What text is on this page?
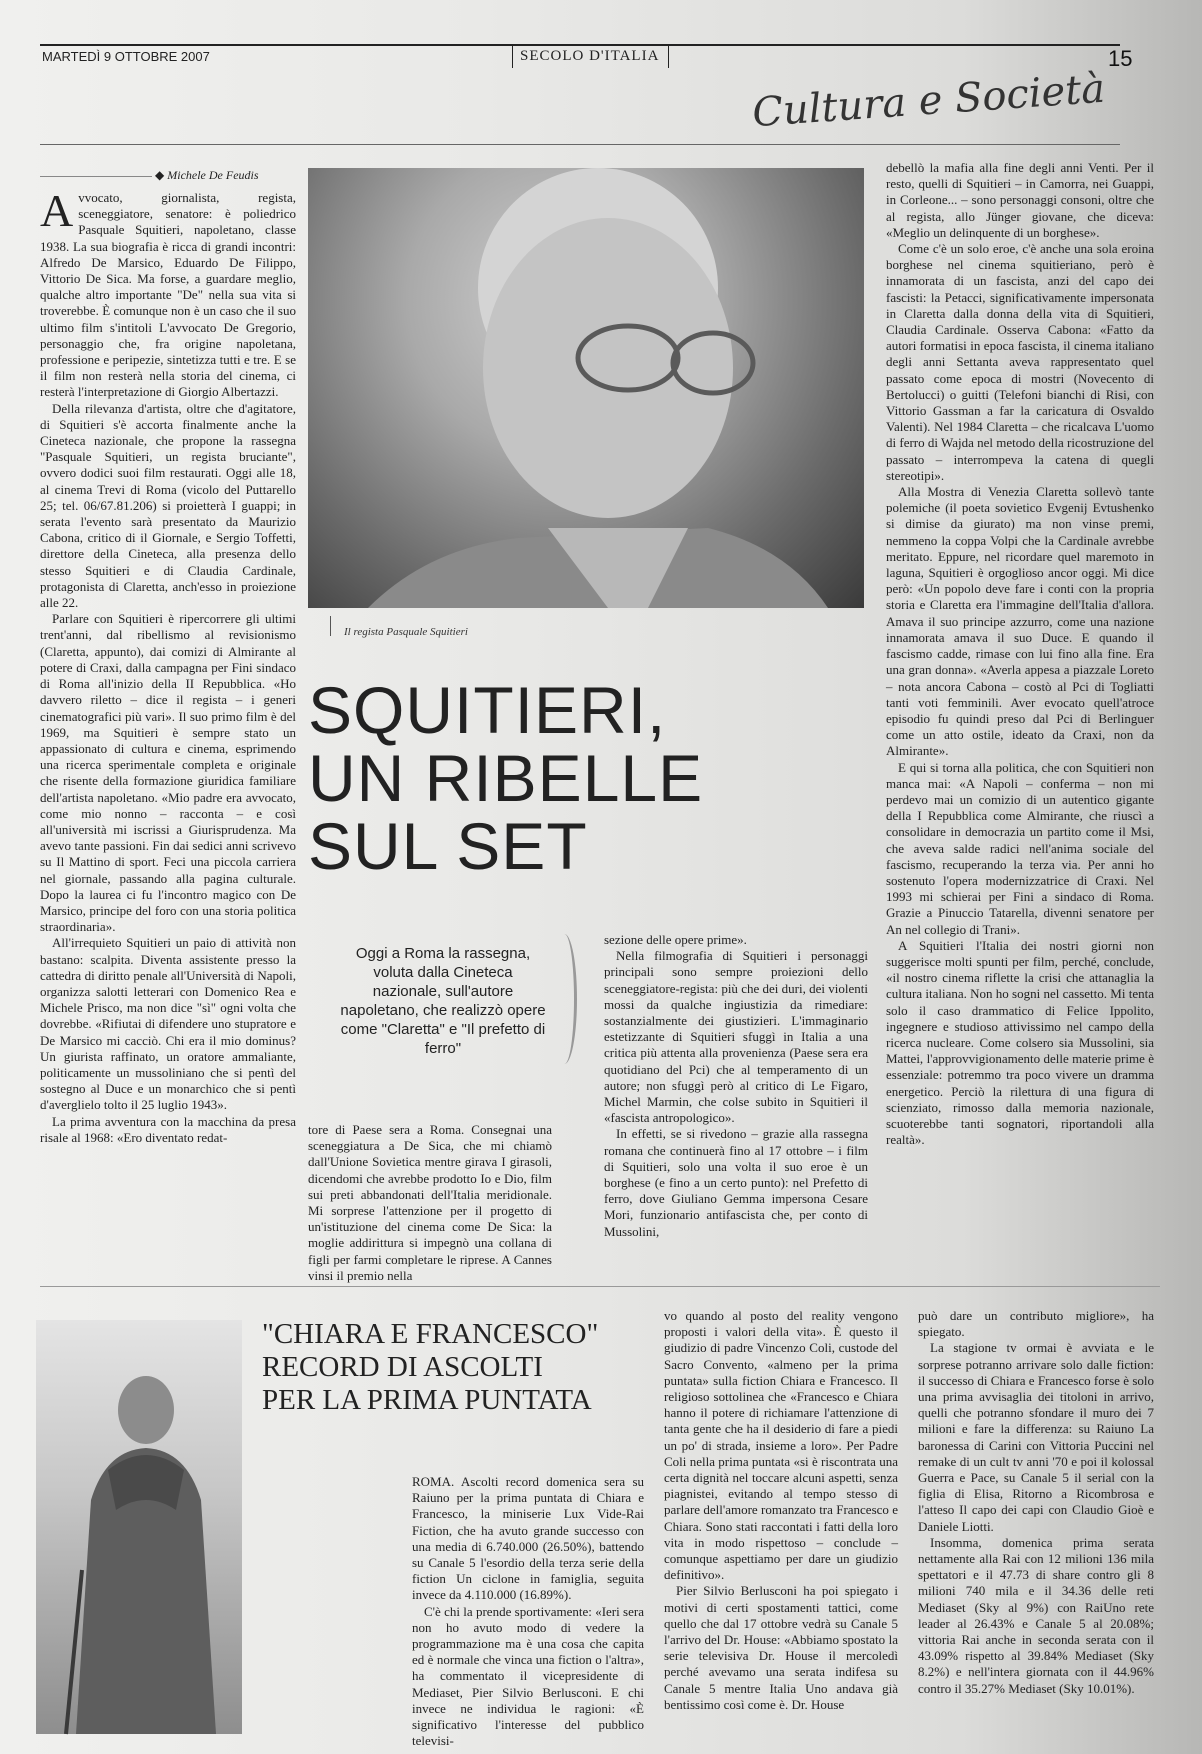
MARTEDÌ 9 OTTOBRE 2007	SECOLO D'ITALIA	15
Cultura e Società
◆ Michele De Feudis

Avvocato, giornalista, regista, sceneggiatore, senatore: è poliedrico Pasquale Squitieri, napoletano, classe 1938. La sua biografia è ricca di grandi incontri: Alfredo De Marsico, Eduardo De Filippo, Vittorio De Sica. Ma forse, a guardare meglio, qualche altro importante "De" nella sua vita si troverebbe. È comunque non è un caso che il suo ultimo film s'intitoli L'avvocato De Gregorio, personaggio che, fra origine napoletana, professione e peripezie, sintetizza tutti e tre. E se il film non resterà nella storia del cinema, ci resterà l'interpretazione di Giorgio Albertazzi.

Della rilevanza d'artista, oltre che d'agitatore, di Squitieri s'è accorta finalmente anche la Cineteca nazionale, che propone la rassegna "Pasquale Squitieri, un regista bruciante", ovvero dodici suoi film restaurati. Oggi alle 18, al cinema Trevi di Roma (vicolo del Puttarello 25; tel. 06/67.81.206) si proietterà I guappi; in serata l'evento sarà presentato da Maurizio Cabona, critico di il Giornale, e Sergio Toffetti, direttore della Cineteca, alla presenza dello stesso Squitieri e di Claudia Cardinale, protagonista di Claretta, anch'esso in proiezione alle 22.

Parlare con Squitieri è ripercorrere gli ultimi trent'anni, dal ribellismo al revisionismo (Claretta, appunto), dai comizi di Almirante al potere di Craxi, dalla campagna per Fini sindaco di Roma all'inizio della II Repubblica. «Ho davvero riletto – dice il regista – i generi cinematografici più vari». Il suo primo film è del 1969, ma Squitieri è sempre stato un appassionato di cultura e cinema, esprimendo una ricerca sperimentale completa e originale che risente della formazione giuridica familiare dell'artista napoletano. «Mio padre era avvocato, come mio nonno – racconta – e così all'università mi iscrissi a Giurisprudenza. Ma avevo tante passioni. Fin dai sedici anni scrivevo su Il Mattino di sport. Feci una piccola carriera nel giornale, passando alla pagina culturale. Dopo la laurea ci fu l'incontro magico con De Marsico, principe del foro con una storia politica straordinaria».

All'irrequieto Squitieri un paio di attività non bastano: scalpita. Diventa assistente presso la cattedra di diritto penale all'Università di Napoli, organizza salotti letterari con Domenico Rea e Michele Prisco, ma non dice "sì" ogni volta che dovrebbe. «Rifiutai di difendere uno stupratore e De Marsico mi cacciò. Chi era il mio dominus? Un giurista raffinato, un oratore ammaliante, politicamente un mussoliniano che si pentì del sostegno al Duce e un monarchico che si pentì d'averglielo tolto il 25 luglio 1943».

La prima avventura con la macchina da presa risale al 1968: «Ero diventato redat-

Il regista Pasquale Squitieri
SQUITIERI,
UN RIBELLE
SUL SET
Oggi a Roma la rassegna, voluta dalla Cineteca nazionale, sull'autore napoletano, che realizzò opere come "Claretta" e "Il prefetto di ferro"

tore di Paese sera a Roma. Consegnai una sceneggiatura a De Sica, che mi chiamò dall'Unione Sovietica mentre girava I girasoli, dicendomi che avrebbe prodotto Io e Dio, film sui preti abbandonati dell'Italia meridionale. Mi sorprese l'attenzione per il progetto di un'istituzione del cinema come De Sica: la moglie addirittura si impegnò una collana di figli per farmi completare le riprese. A Cannes vinsi il premio nella

sezione delle opere prime».

Nella filmografia di Squitieri i personaggi principali sono sempre proiezioni dello sceneggiatore-regista: più che dei duri, dei violenti mossi da qualche ingiustizia da rimediare: sostanzialmente dei giustizieri. L'immaginario estetizzante di Squitieri sfuggì in Italia a una critica più attenta alla provenienza (Paese sera era quotidiano del Pci) che al temperamento di un autore; non sfuggì però al critico di Le Figaro, Michel Marmin, che colse subito in Squitieri il «fascista antropologico».

In effetti, se si rivedono – grazie alla rassegna romana che continuerà fino al 17 ottobre – i film di Squitieri, solo una volta il suo eroe è un borghese (e fino a un certo punto): nel Prefetto di ferro, dove Giuliano Gemma impersona Cesare Mori, funzionario antifascista che, per conto di Mussolini,

debellò la mafia alla fine degli anni Venti. Per il resto, quelli di Squitieri – in Camorra, nei Guappi, in Corleone... – sono personaggi consoni, oltre che al regista, allo Jünger giovane, che diceva: «Meglio un delinquente di un borghese».

Come c'è un solo eroe, c'è anche una sola eroina borghese nel cinema squitieriano, però è innamorata di un fascista, anzi del capo dei fascisti: la Petacci, significativamente impersonata in Claretta dalla donna della vita di Squitieri, Claudia Cardinale. Osserva Cabona: «Fatto da autori formatisi in epoca fascista, il cinema italiano degli anni Settanta aveva rappresentato quel passato come epoca di mostri (Novecento di Bertolucci) o guitti (Telefoni bianchi di Risi, con Vittorio Gassman a far la caricatura di Osvaldo Valenti). Nel 1984 Claretta – che ricalcava L'uomo di ferro di Wajda nel metodo della ricostruzione del passato – interrompeva la catena di quegli stereotipi».

Alla Mostra di Venezia Claretta sollevò tante polemiche (il poeta sovietico Evgenij Evtushenko si dimise da giurato) ma non vinse premi, nemmeno la coppa Volpi che la Cardinale avrebbe meritato. Eppure, nel ricordare quel maremoto in laguna, Squitieri è orgoglioso ancor oggi. Mi dice però: «Un popolo deve fare i conti con la propria storia e Claretta era l'immagine dell'Italia d'allora. Amava il suo principe azzurro, come una nazione innamorata amava il suo Duce. E quando il fascismo cadde, rimase con lui fino alla fine. Era una gran donna». «Averla appesa a piazzale Loreto – nota ancora Cabona – costò al Pci di Togliatti tanti voti femminili. Aver evocato quell'atroce episodio fu quindi preso dal Pci di Berlinguer come un atto ostile, ideato da Craxi, non da Almirante».

E qui si torna alla politica, che con Squitieri non manca mai: «A Napoli – conferma – non mi perdevo mai un comizio di un autentico gigante della I Repubblica come Almirante, che riuscì a consolidare in democrazia un partito come il Msi, che aveva salde radici nell'anima sociale del fascismo, recuperando la terza via. Per anni ho sostenuto l'opera modernizzatrice di Craxi. Nel 1993 mi schierai per Fini a sindaco di Roma. Grazie a Pinuccio Tatarella, divenni senatore per An nel collegio di Trani».

A Squitieri l'Italia dei nostri giorni non suggerisce molti spunti per film, perché, conclude, «il nostro cinema riflette la crisi che attanaglia la cultura italiana. Non ho sogni nel cassetto. Mi tenta solo il caso drammatico di Felice Ippolito, ingegnere e studioso attivissimo nel campo della ricerca nucleare. Come colsero sia Mussolini, sia Mattei, l'approvvigionamento delle materie prime è essenziale: potremmo tra poco vivere un dramma energetico. Perciò la rilettura di una figura di scienziato, rimosso dalla memoria nazionale, scuoterebbe tanti sognatori, riportandoli alla realtà».

"CHIARA E FRANCESCO"
RECORD DI ASCOLTI
PER LA PRIMA PUNTATA

ROMA. Ascolti record domenica sera su Raiuno per la prima puntata di Chiara e Francesco, la miniserie Lux Vide-Rai Fiction, che ha avuto grande successo con una media di 6.740.000 (26.50%), battendo su Canale 5 l'esordio della terza serie della fiction Un ciclone in famiglia, seguita invece da 4.110.000 (16.89%).

C'è chi la prende sportivamente: «Ieri sera non ho avuto modo di vedere la programmazione ma è una cosa che capita ed è normale che vinca una fiction o l'altra», ha commentato il vicepresidente di Mediaset, Pier Silvio Berlusconi. E chi invece ne individua le ragioni: «È significativo l'interesse del pubblico televisi-

vo quando al posto del reality vengono proposti i valori della vita». È questo il giudizio di padre Vincenzo Coli, custode del Sacro Convento, «almeno per la prima puntata» sulla fiction Chiara e Francesco. Il religioso sottolinea che «Francesco e Chiara hanno il potere di richiamare l'attenzione di tanta gente che ha il desiderio di fare a piedi un po' di strada, insieme a loro». Per Padre Coli nella prima puntata «si è riscontrata una certa dignità nel toccare alcuni aspetti, senza piagnistei, evitando al tempo stesso di parlare dell'amore romanzato tra Francesco e Chiara. Sono stati raccontati i fatti della loro vita in modo rispettoso – conclude – comunque aspettiamo per dare un giudizio definitivo».

Pier Silvio Berlusconi ha poi spiegato i motivi di certi spostamenti tattici, come quello che dal 17 ottobre vedrà su Canale 5 l'arrivo del Dr. House: «Abbiamo spostato la serie televisiva Dr. House il mercoledì perché avevamo una serata indifesa su Canale 5 mentre Italia Uno andava già bentissimo così come è. Dr. House

può dare un contributo migliore», ha spiegato.

La stagione tv ormai è avviata e le sorprese potranno arrivare solo dalle fiction: il successo di Chiara e Francesco forse è solo una prima avvisaglia dei titoloni in arrivo, quelli che potranno sfondare il muro dei 7 milioni e fare la differenza: su Raiuno La baronessa di Carini con Vittoria Puccini nel remake di un cult tv anni '70 e poi il kolossal Guerra e Pace, su Canale 5 il serial con la figlia di Elisa, Ritorno a Ricombrosa e l'atteso Il capo dei capi con Claudio Gioè e Daniele Liotti.

Insomma, domenica prima serata nettamente alla Rai con 12 milioni 136 mila spettatori e il 47.73 di share contro gli 8 milioni 740 mila e il 34.36 delle reti Mediaset (Sky al 9%) con RaiUno rete leader al 26.43% e Canale 5 al 20.08%; vittoria Rai anche in seconda serata con il 43.09% rispetto al 39.84% Mediaset (Sky 8.2%) e nell'intera giornata con il 44.96% contro il 35.27% Mediaset (Sky 10.01%).
